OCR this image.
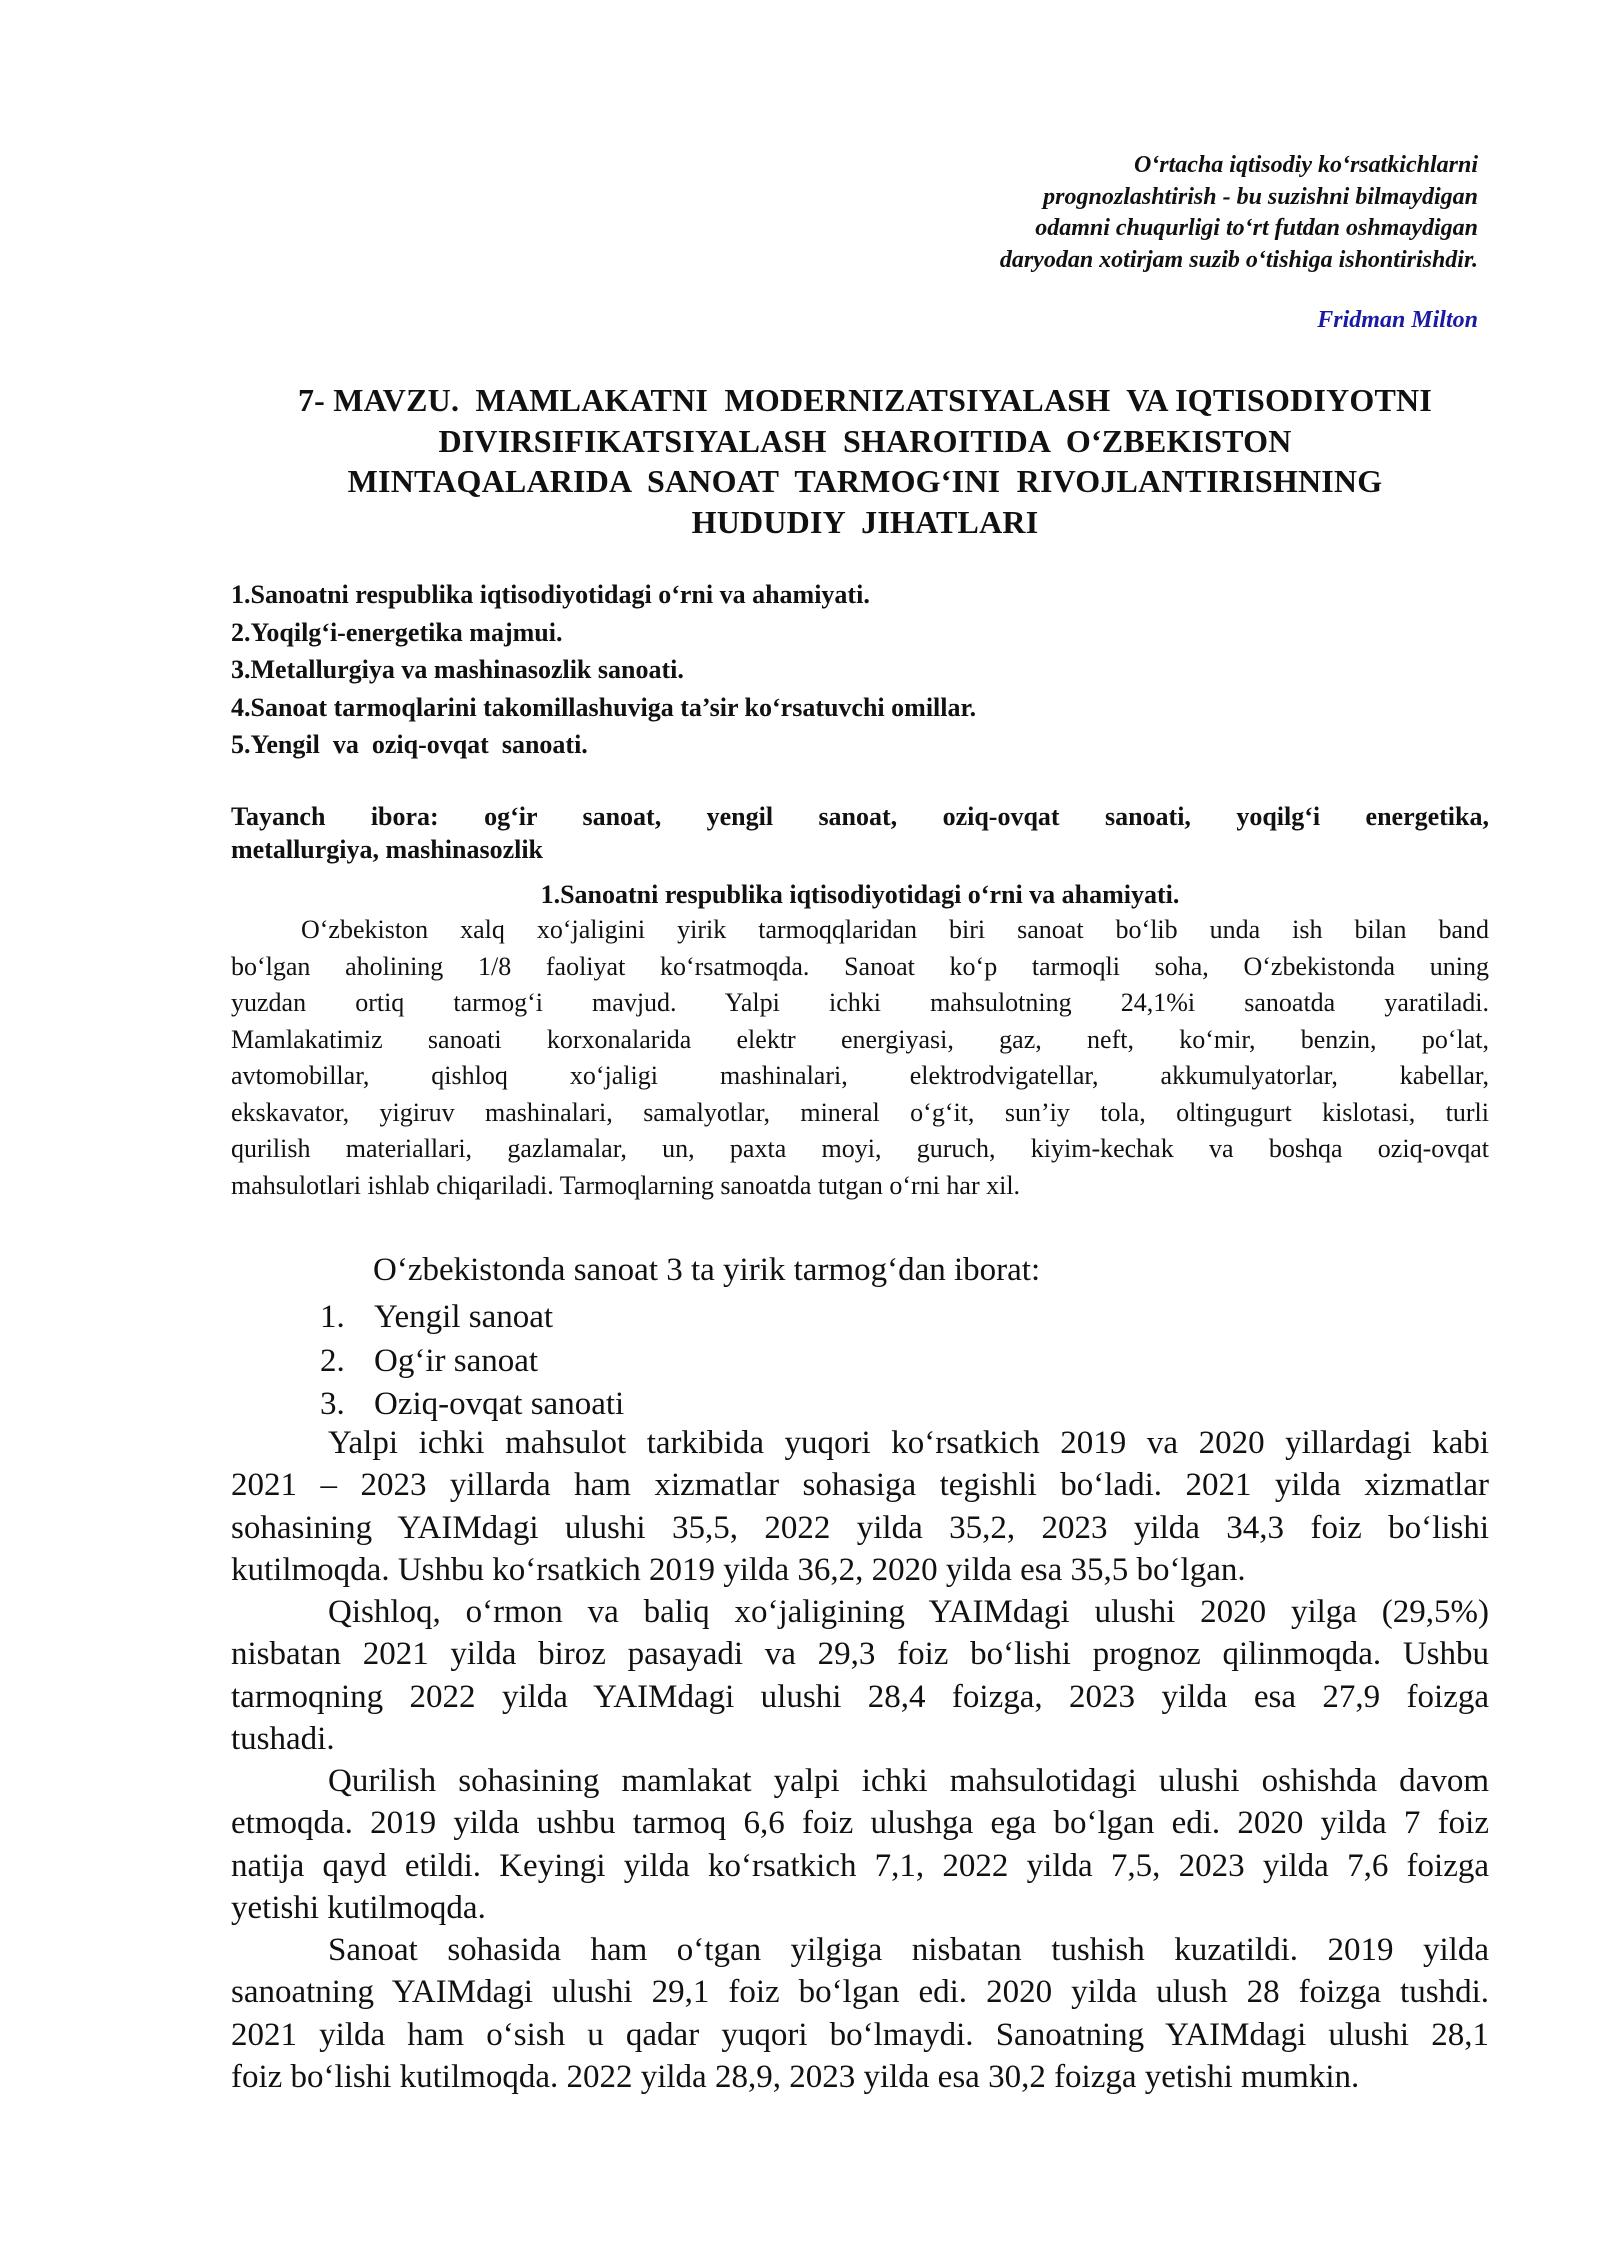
O‘rtacha iqtisodiy ko‘rsatkichlarni
prognozlashtirish - bu suzishni bilmaydigan
odamni chuqurligi to‘rt futdan oshmaydigan
daryodan xotirjam suzib o‘tishiga ishontirishdir.
Fridman Milton
7- MAVZU.  MAMLAKATNI  MODERNIZATSIYALASH  VA IQTISODIYOTNI
DIVIRSIFIKATSIYALASH  SHAROITIDA  O‘ZBEKISTON
MINTAQALARIDA  SANOAT  TARMOG‘INI  RIVOJLANTIRISHNING
HUDUDIY  JIHATLARI
1.Sanoatni respublika iqtisodiyotidagi o‘rni va ahamiyati.
2.Yoqilg‘i-energetika majmui.
3.Metallurgiya va mashinasozlik sanoati.
4.Sanoat tarmoqlarini takomillashuviga ta’sir ko‘rsatuvchi omillar.
5.Yengil  va  oziq-ovqat  sanoati.
Tayanch ibora: og‘ir sanoat, yengil sanoat, oziq-ovqat sanoati, yoqilg‘i energetika,
metallurgiya, mashinasozlik
1.Sanoatni respublika iqtisodiyotidagi o‘rni va ahamiyati.
O‘zbekiston xalq xo‘jaligini yirik tarmoqqlaridan biri sanoat bo‘lib unda ish bilan band
bo‘lgan aholining 1/8 faoliyat ko‘rsatmoqda. Sanoat ko‘p tarmoqli soha, O‘zbekistonda uning
yuzdan ortiq tarmog‘i mavjud. Yalpi ichki mahsulotning 24,1%i sanoatda yaratiladi.
Mamlakatimiz sanoati korxonalarida elektr energiyasi, gaz, neft, ko‘mir, benzin, po‘lat,
avtomobillar, qishloq xo‘jaligi mashinalari, elektrodvigatellar, akkumulyatorlar, kabellar,
ekskavator, yigiruv mashinalari, samalyotlar, mineral o‘g‘it, sun’iy tola, oltingugurt kislotasi, turli
qurilish materiallari, gazlamalar, un, paxta moyi, guruch, kiyim-kechak va boshqa oziq-ovqat
mahsulotlari ishlab chiqariladi. Tarmoqlarning sanoatda tutgan o‘rni har xil.
O‘zbekistonda sanoat 3 ta yirik tarmog‘dan iborat:
1. Yengil sanoat
2. Og‘ir sanoat
3. Oziq-ovqat sanoati
Yalpi ichki mahsulot tarkibida yuqori ko‘rsatkich 2019 va 2020 yillardagi kabi
2021 – 2023 yillarda ham xizmatlar sohasiga tegishli bo‘ladi. 2021 yilda xizmatlar
sohasining YAIMdagi ulushi 35,5, 2022 yilda 35,2, 2023 yilda 34,3 foiz bo‘lishi
kutilmoqda. Ushbu ko‘rsatkich 2019 yilda 36,2, 2020 yilda esa 35,5 bo‘lgan.
Qishloq, o‘rmon va baliq xo‘jaligining YAIMdagi ulushi 2020 yilga (29,5%)
nisbatan 2021 yilda biroz pasayadi va 29,3 foiz bo‘lishi prognoz qilinmoqda. Ushbu
tarmoqning 2022 yilda YAIMdagi ulushi 28,4 foizga, 2023 yilda esa 27,9 foizga
tushadi.
Qurilish sohasining mamlakat yalpi ichki mahsulotidagi ulushi oshishda davom
etmoqda. 2019 yilda ushbu tarmoq 6,6 foiz ulushga ega bo‘lgan edi. 2020 yilda 7 foiz
natija qayd etildi. Keyingi yilda ko‘rsatkich 7,1, 2022 yilda 7,5, 2023 yilda 7,6 foizga
yetishi kutilmoqda.
Sanoat sohasida ham o‘tgan yilgiga nisbatan tushish kuzatildi. 2019 yilda
sanoatning YAIMdagi ulushi 29,1 foiz bo‘lgan edi. 2020 yilda ulush 28 foizga tushdi.
2021 yilda ham o‘sish u qadar yuqori bo‘lmaydi. Sanoatning YAIMdagi ulushi 28,1
foiz bo‘lishi kutilmoqda. 2022 yilda 28,9, 2023 yilda esa 30,2 foizga yetishi mumkin.
